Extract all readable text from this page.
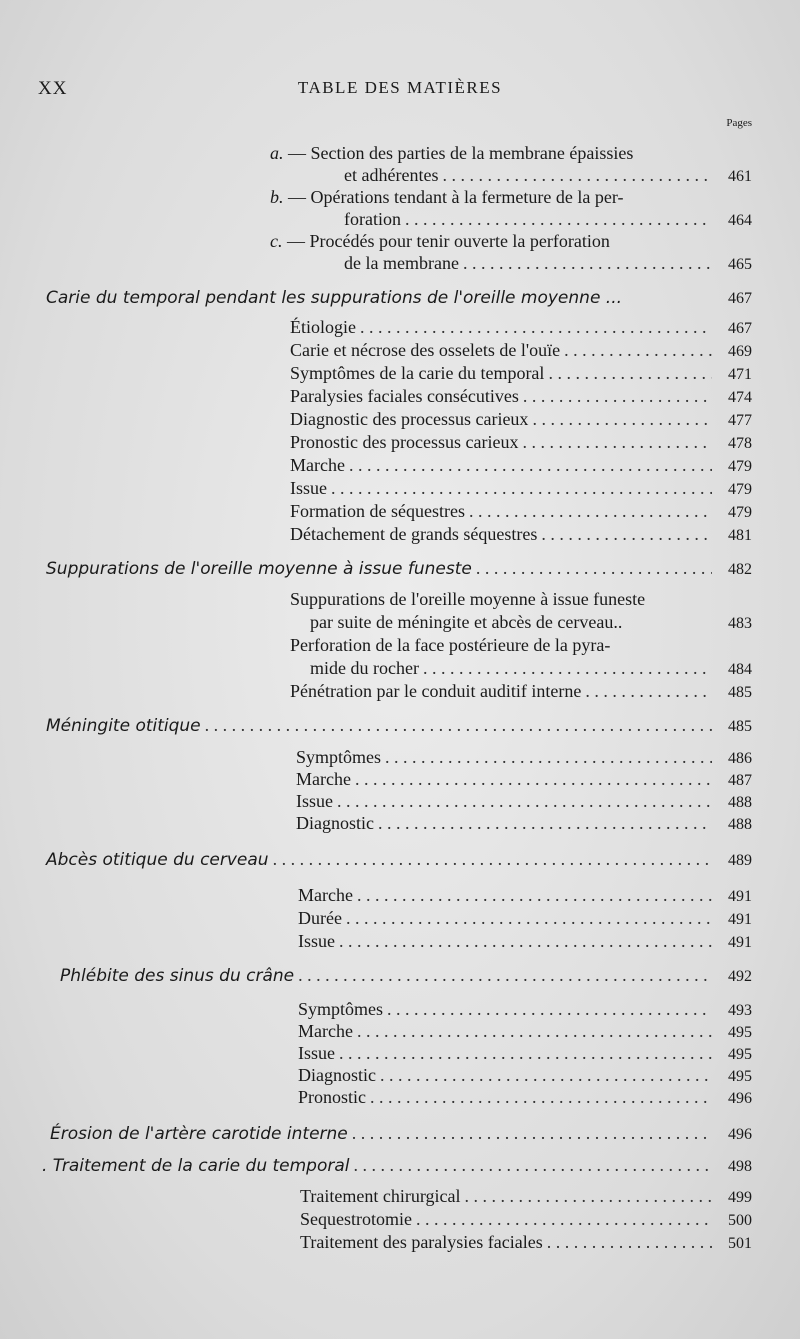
XX	TABLE DES MATIÈRES
Pages
a. — Section des parties de la membrane épaissies
et adhérentes . . .	461
b. — Opérations tendant à la fermeture de la per-
foration . . .	464
c. — Procédés pour tenir ouverte la perforation
de la membrane . . .	465
Carie du temporal pendant les suppurations de l'oreille moyenne ...	467
Étiologie . . .	467
Carie et nécrose des osselets de l'ouïe . . .	469
Symptômes de la carie du temporal . . .	471
Paralysies faciales consécutives . . .	474
Diagnostic des processus carieux . . .	477
Pronostic des processus carieux . . .	478
Marche . . .	479
Issue . . .	479
Formation de séquestres . . .	479
Détachement de grands séquestres . . .	481
Suppurations de l'oreille moyenne à issue funeste . . .	482
Suppurations de l'oreille moyenne à issue funeste
par suite de méningite et abcès de cerveau..	483
Perforation de la face postérieure de la pyra-
mide du rocher . . .	484
Pénétration par le conduit auditif interne . . .	485
Méningite otitique . . .	485
Symptômes . . .	486
Marche . . .	487
Issue . . .	488
Diagnostic . . .	488
Abcès otitique du cerveau . . .	489
Marche . . .	491
Durée . . .	491
Issue . . .	491
Phlébite des sinus du crâne . . .	492
Symptômes . . .	493
Marche . . .	495
Issue . . .	495
Diagnostic . . .	495
Pronostic . . .	496
Érosion de l'artère carotide interne . . .	496
. Traitement de la carie du temporal . . .	498
Traitement chirurgical . . .	499
Sequestrotomie . . .	500
Traitement des paralysies faciales . . .	501
